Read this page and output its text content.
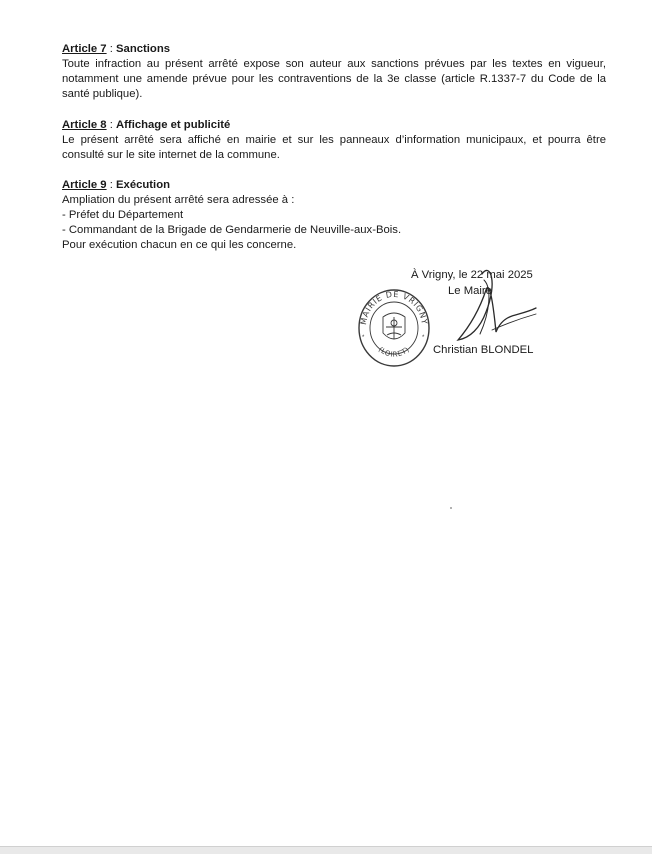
Article 7 : Sanctions

Toute infraction au présent arrêté expose son auteur aux sanctions prévues par les textes en vigueur, notamment une amende prévue pour les contraventions de la 3e classe (article R.1337-7 du Code de la santé publique).

Article 8 : Affichage et publicité

Le présent arrêté sera affiché en mairie et sur les panneaux d’information municipaux, et pourra être consulté sur le site internet de la commune.

Article 9 : Exécution

Ampliation du présent arrêté sera adressée à :
- Préfet du Département
- Commandant de la Brigade de Gendarmerie de Neuville-aux-Bois.
Pour exécution chacun en ce qui les concerne.
À Vrigny, le 22 mai 2025
Le Maire
Christian BLONDEL
MAIRIE DE VRIGNY
(LOIRET)
*	*
